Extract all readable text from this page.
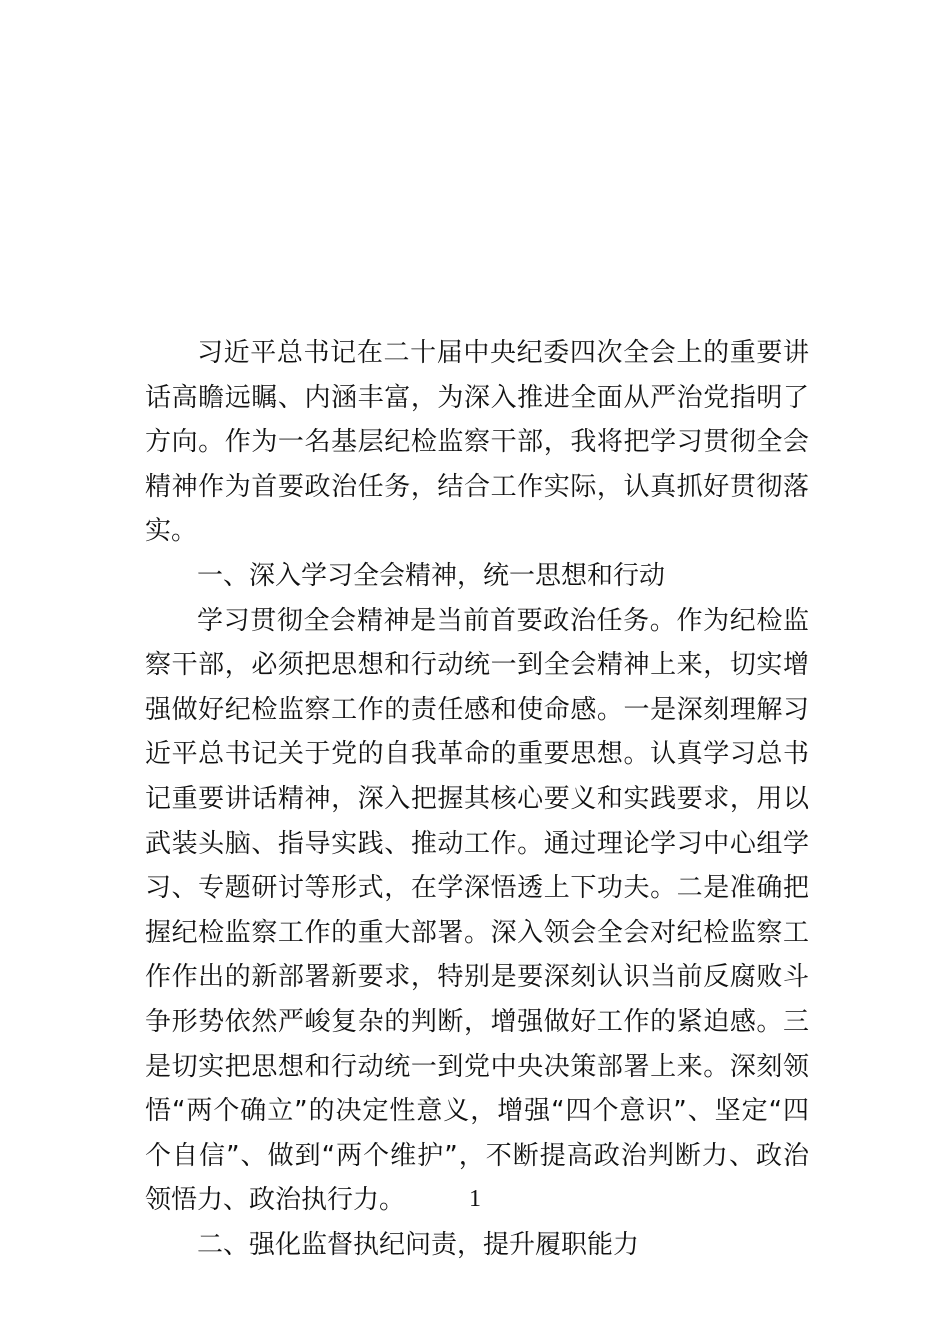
习近平总书记在二十届中央纪委四次全会上的重要讲话高瞻远瞩、内涵丰富，为深入推进全面从严治党指明了方向。作为一名基层纪检监察干部，我将把学习贯彻全会精神作为首要政治任务，结合工作实际，认真抓好贯彻落实。

一、深入学习全会精神，统一思想和行动

学习贯彻全会精神是当前首要政治任务。作为纪检监察干部，必须把思想和行动统一到全会精神上来，切实增强做好纪检监察工作的责任感和使命感。一是深刻理解习近平总书记关于党的自我革命的重要思想。认真学习总书记重要讲话精神，深入把握其核心要义和实践要求，用以武装头脑、指导实践、推动工作。通过理论学习中心组学习、专题研讨等形式，在学深悟透上下功夫。二是准确把握纪检监察工作的重大部署。深入领会全会对纪检监察工作作出的新部署新要求，特别是要深刻认识当前反腐败斗争形势依然严峻复杂的判断，增强做好工作的紧迫感。三是切实把思想和行动统一到党中央决策部署上来。深刻领悟“两个确立”的决定性意义，增强“四个意识”、坚定“四个自信”、做到“两个维护”，不断提高政治判断力、政治领悟力、政治执行力。

二、强化监督执纪问责，提升履职能力

1
